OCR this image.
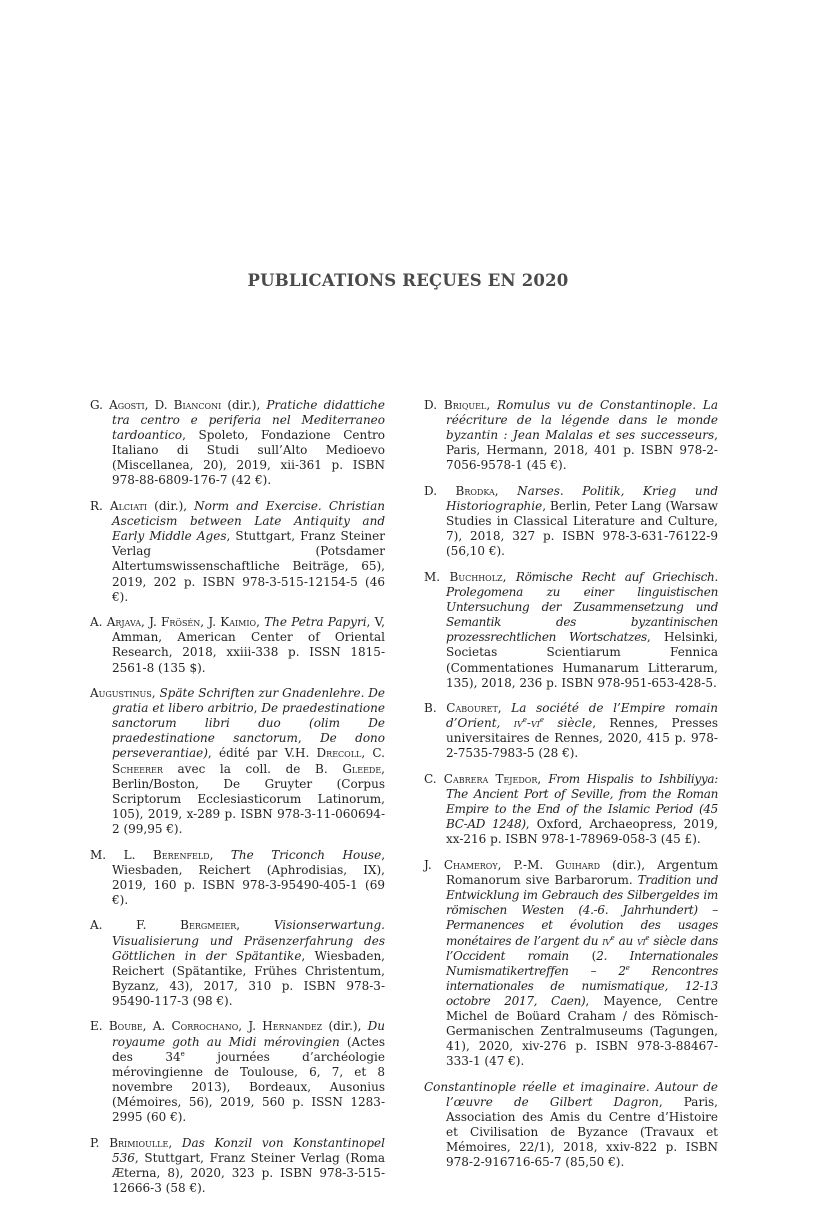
PUBLICATIONS REÇUES EN 2020

G. Agosti, D. Bianconi (dir.), Pratiche didattiche tra centro e periferia nel Mediterraneo tardoantico, Spoleto, Fondazione Centro Italiano di Studi sull’Alto Medioevo (Miscellanea, 20), 2019, xii-361 p. ISBN 978-88-6809-176-7 (42 €).

R. Alciati (dir.), Norm and Exercise. Christian Asceticism between Late Antiquity and Early Middle Ages, Stuttgart, Franz Steiner Verlag (Potsdamer Altertumswissenschaftliche Beiträge, 65), 2019, 202 p. ISBN 978-3-515-12154-5 (46 €).

A. Arjava, J. Frösén, J. Kaimio, The Petra Papyri, V, Amman, American Center of Oriental Research, 2018, xxiii-338 p. ISSN 1815-2561-8 (135 $).

Augustinus, Späte Schriften zur Gnadenlehre. De gratia et libero arbitrio, De praedestinatione sanctorum libri duo (olim De praedestinatione sanctorum, De dono perseverantiae), édité par V.H. Drecoll, C. Scheerer avec la coll. de B. Gleede, Berlin/Boston, De Gruyter (Corpus Scriptorum Ecclesiasticorum Latinorum, 105), 2019, x-289 p. ISBN 978-3-11-060694-2 (99,95 €).

M. L. Berenfeld, The Triconch House, Wiesbaden, Reichert (Aphrodisias, IX), 2019, 160 p. ISBN 978-3-95490-405-1 (69 €).

A. F. Bergmeier, Visionserwartung. Visualisierung und Präsenzerfahrung des Göttlichen in der Spätantike, Wiesbaden, Reichert (Spätantike, Frühes Christentum, Byzanz, 43), 2017, 310 p. ISBN 978-3-95490-117-3 (98 €).

E. Boube, A. Corrochano, J. Hernandez (dir.), Du royaume goth au Midi mérovingien (Actes des 34e journées d’archéologie mérovingienne de Toulouse, 6, 7, et 8 novembre 2013), Bordeaux, Ausonius (Mémoires, 56), 2019, 560 p. ISSN 1283-2995 (60 €).

P. Brimioulle, Das Konzil von Konstantinopel 536, Stuttgart, Franz Steiner Verlag (Roma Æterna, 8), 2020, 323 p. ISBN 978-3-515-12666-3 (58 €).

D. Briquel, Romulus vu de Constantinople. La réécriture de la légende dans le monde byzantin : Jean Malalas et ses successeurs, Paris, Hermann, 2018, 401 p. ISBN 978-2-7056-9578-1 (45 €).

D. Brodka, Narses. Politik, Krieg und Historiographie, Berlin, Peter Lang (Warsaw Studies in Classical Literature and Culture, 7), 2018, 327 p. ISBN 978-3-631-76122-9 (56,10 €).

M. Buchholz, Römische Recht auf Griechisch. Prolegomena zu einer linguistischen Untersuchung der Zusammensetzung und Semantik des byzantinischen prozessrechtlichen Wortschatzes, Helsinki, Societas Scientiarum Fennica (Commentationes Humanarum Litterarum, 135), 2018, 236 p. ISBN 978-951-653-428-5.

B. Cabouret, La société de l’Empire romain d’Orient, $iv^e-vi^e$ siècle, Rennes, Presses universitaires de Rennes, 2020, 415 p. 978-2-7535-7983-5 (28 €).

C. Cabrera Tejedor, From Hispalis to Ishbiliyya: The Ancient Port of Seville, from the Roman Empire to the End of the Islamic Period (45 BC-AD 1248), Oxford, Archaeopress, 2019, xx-216 p. ISBN 978-1-78969-058-3 (45 £).

J. Chameroy, P.-M. Guihard (dir.), Argentum Romanorum sive Barbarorum. Tradition und Entwicklung im Gebrauch des Silbergeldes im römischen Westen (4.-6. Jahrhundert) – Permanences et évolution des usages monétaires de l’argent du $iv^e$ au $vi^e$ siècle dans l’Occident romain (2. Internationales Numismatikertreffen – 2e Rencontres internationales de numismatique, 12-13 octobre 2017, Caen), Mayence, Centre Michel de Boüard Craham / des Römisch-Germanischen Zentralmuseums (Tagungen, 41), 2020, xiv-276 p. ISBN 978-3-88467-333-1 (47 €).

Constantinople réelle et imaginaire. Autour de l’œuvre de Gilbert Dagron, Paris, Association des Amis du Centre d’Histoire et Civilisation de Byzance (Travaux et Mémoires, 22/1), 2018, xxiv-822 p. ISBN 978-2-916716-65-7 (85,50 €).
